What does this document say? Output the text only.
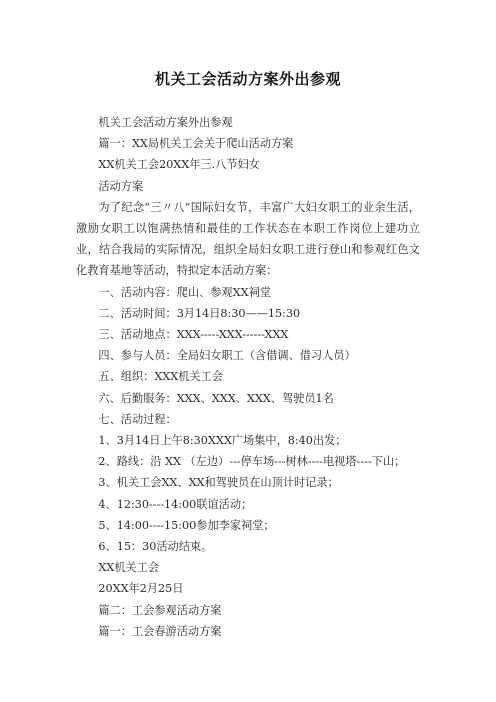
机关工会活动方案外出参观

机关工会活动方案外出参观

篇一：XX局机关工会关于爬山活动方案

XX机关工会20XX年三.八节妇女

活动方案

为了纪念“三〃八”国际妇女节，丰富广大妇女职工的业余生活，激励女职工以饱满热情和最佳的工作状态在本职工作岗位上建功立业，结合我局的实际情况，组织全局妇女职工进行登山和参观红色文化教育基地等活动，特拟定本活动方案：

一、活动内容：爬山、参观XX祠堂

二、活动时间：3月14日8:30——15:30

三、活动地点：XXX-----XXX------XXX

四、参与人员：全局妇女职工（含借调、借习人员）

五、组织：XXX机关工会

六、后勤服务：XXX、XXX、XXX、驾驶员1名

七、活动过程：

1、3月14日上午8:30XXX广场集中，8:40出发；

2、路线：沿 XX （左边）---停车场---树林----电视塔----下山；

3、机关工会XX、XX和驾驶员在山顶计时记录；

4、12:30----14:00联谊活动；

5、14:00----15:00参加李家祠堂；

6、15：30活动结束。

XX机关工会

20XX年2月25日

篇二：工会参观活动方案

篇一：工会春游活动方案
